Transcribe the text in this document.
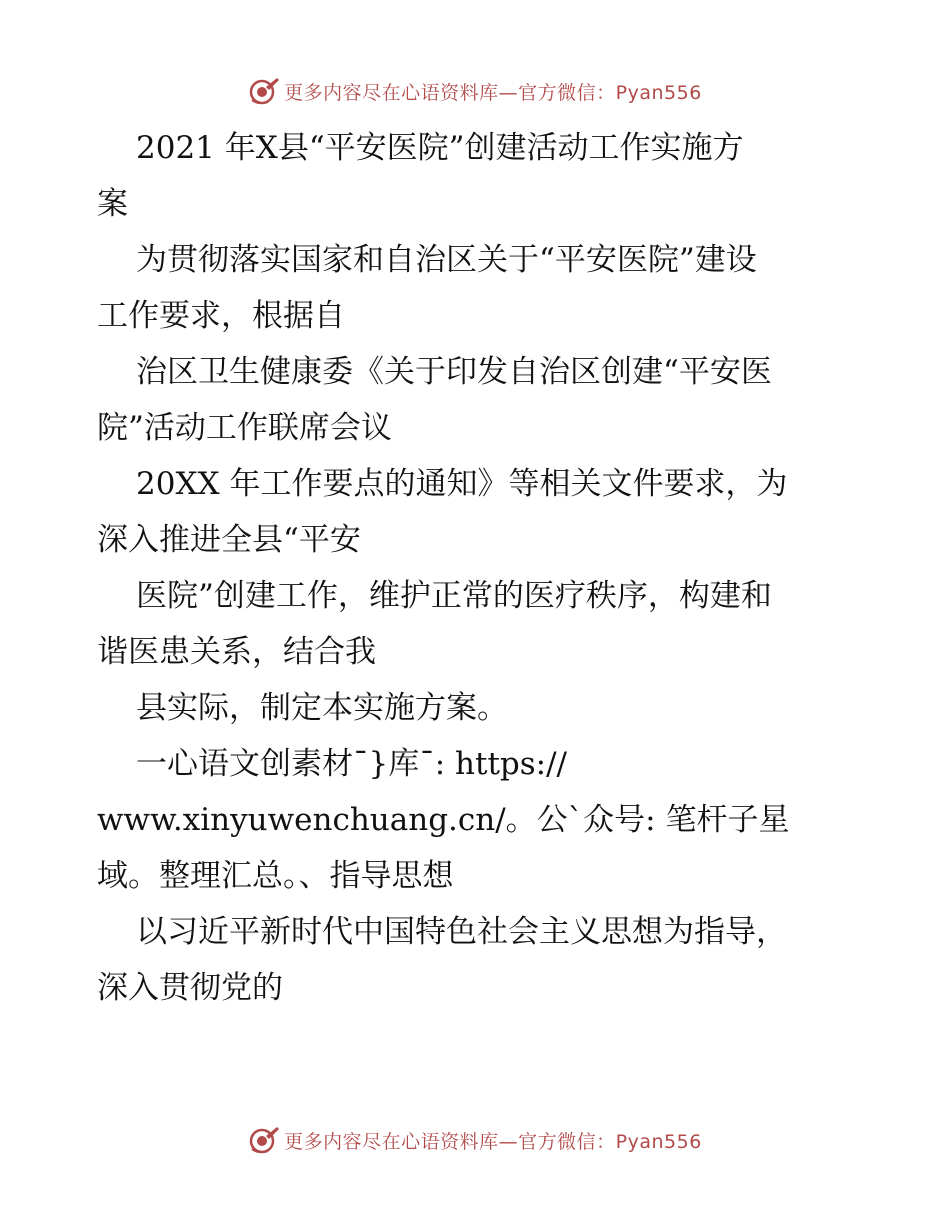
更多内容尽在心语资料库—官方微信：Pyan556
2021 年X县“平安医院”创建活动工作实施方
案
为贯彻落实国家和自治区关于“平安医院”建设
工作要求，根据自
治区卫生健康委《关于印发自治区创建“平安医
院”活动工作联席会议
20XX 年工作要点的通知》等相关文件要求，为
深入推进全县“平安
医院”创建工作，维护正常的医疗秩序，构建和
谐医患关系，结合我
县实际，制定本实施方案。
一心语文创素材¯}库¯: https://
www.xinyuwenchuang.cn/。公`众号: 笔杆子星
域。整理汇总。、指导思想
以习近平新时代中国特色社会主义思想为指导，
深入贯彻党的
更多内容尽在心语资料库—官方微信：Pyan556
